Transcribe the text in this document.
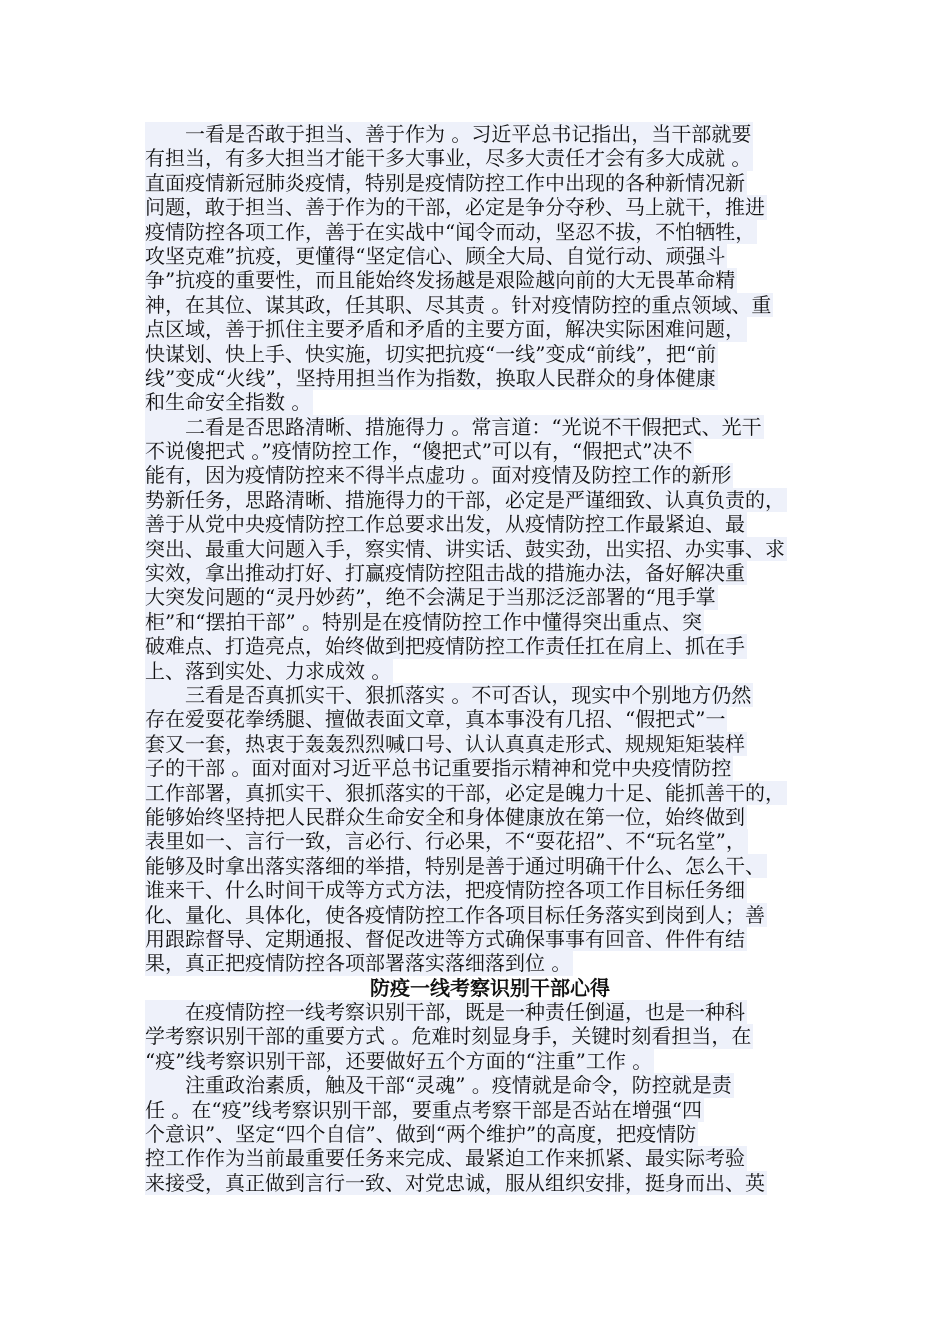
　　一看是否敢于担当、善于作为 。习近平总书记指出，当干部就要
有担当，有多大担当才能干多大事业，尽多大责任才会有多大成就 。
直面疫情新冠肺炎疫情，特别是疫情防控工作中出现的各种新情况新
问题，敢于担当、善于作为的干部，必定是争分夺秒、马上就干，推进
疫情防控各项工作，善于在实战中“闻令而动，坚忍不拔，不怕牺牲，
攻坚克难”抗疫，更懂得“坚定信心、顾全大局、自觉行动、顽强斗
争”抗疫的重要性，而且能始终发扬越是艰险越向前的大无畏革命精
神，在其位、谋其政，任其职、尽其责 。针对疫情防控的重点领域、重
点区域，善于抓住主要矛盾和矛盾的主要方面，解决实际困难问题，
快谋划、快上手、快实施，切实把抗疫“一线”变成“前线”，把“前
线”变成“火线”，坚持用担当作为指数，换取人民群众的身体健康
和生命安全指数 。
　　二看是否思路清晰、措施得力 。常言道：“光说不干假把式、光干
不说傻把式 。”疫情防控工作，“傻把式”可以有，“假把式”决不
能有，因为疫情防控来不得半点虚功 。面对疫情及防控工作的新形
势新任务，思路清晰、措施得力的干部，必定是严谨细致、认真负责的，
善于从党中央疫情防控工作总要求出发，从疫情防控工作最紧迫、最
突出、最重大问题入手，察实情、讲实话、鼓实劲，出实招、办实事、求
实效，拿出推动打好、打赢疫情防控阻击战的措施办法，备好解决重
大突发问题的“灵丹妙药”，绝不会满足于当那泛泛部署的“甩手掌
柜”和“摆拍干部” 。特别是在疫情防控工作中懂得突出重点、突
破难点、打造亮点，始终做到把疫情防控工作责任扛在肩上、抓在手
上、落到实处、力求成效 。
　　三看是否真抓实干、狠抓落实 。不可否认，现实中个别地方仍然
存在爱耍花拳绣腿、擅做表面文章，真本事没有几招、“假把式”一
套又一套，热衷于轰轰烈烈喊口号、认认真真走形式、规规矩矩装样
子的干部 。面对面对习近平总书记重要指示精神和党中央疫情防控
工作部署，真抓实干、狠抓落实的干部，必定是魄力十足、能抓善干的，
能够始终坚持把人民群众生命安全和身体健康放在第一位，始终做到
表里如一、言行一致，言必行、行必果，不“耍花招”、不“玩名堂”，
能够及时拿出落实落细的举措，特别是善于通过明确干什么、怎么干、
谁来干、什么时间干成等方式方法，把疫情防控各项工作目标任务细
化、量化、具体化，使各疫情防控工作各项目标任务落实到岗到人；善
用跟踪督导、定期通报、督促改进等方式确保事事有回音、件件有结
果，真正把疫情防控各项部署落实落细落到位 。
防疫一线考察识别干部心得
　　在疫情防控一线考察识别干部，既是一种责任倒逼，也是一种科
学考察识别干部的重要方式 。危难时刻显身手，关键时刻看担当，在
“疫”线考察识别干部，还要做好五个方面的“注重”工作 。
　　注重政治素质，触及干部“灵魂” 。疫情就是命令，防控就是责
任 。在“疫”线考察识别干部，要重点考察干部是否站在增强“四
个意识”、坚定“四个自信”、做到“两个维护”的高度，把疫情防
控工作作为当前最重要任务来完成、最紧迫工作来抓紧、最实际考验
来接受，真正做到言行一致、对党忠诚，服从组织安排，挺身而出、英
